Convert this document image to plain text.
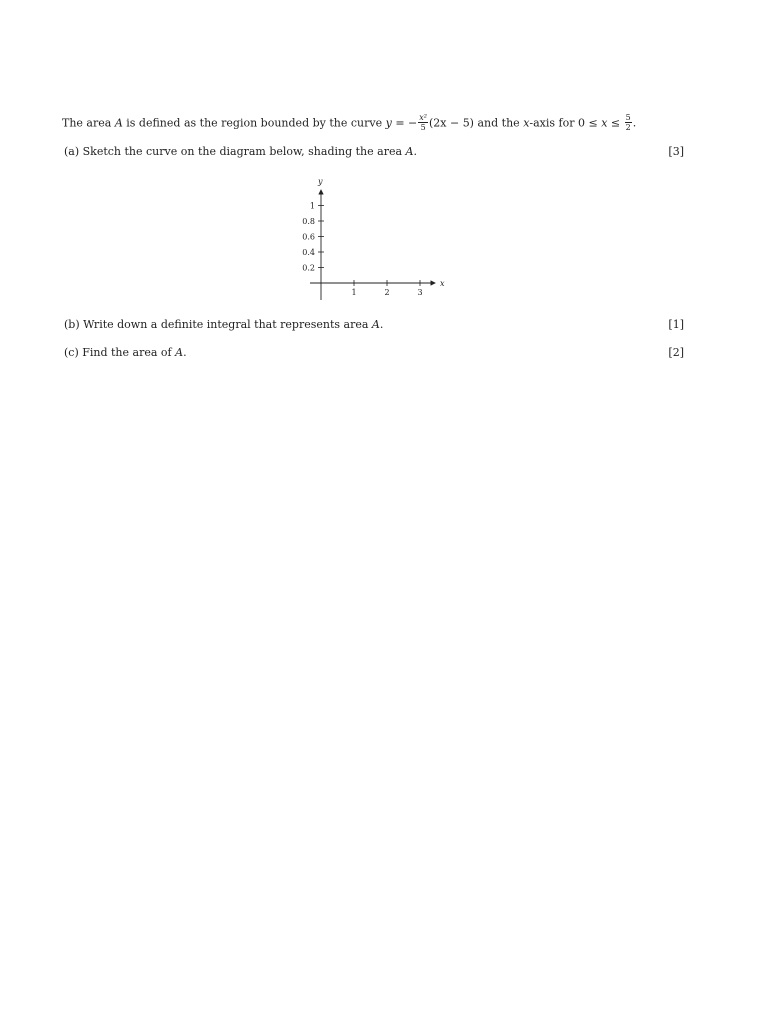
The area A is defined as the region bounded by the curve y = − $\frac{\text{x²}}{5} (2x - 5)$ and the x-axis for $0 \le x \le \frac{5}{2}$ .
(a) Sketch the curve on the diagram below, shading the area A.	[3]
y
x
1
0.8
0.6
0.4
0.2
1	2	3
(b) Write down a definite integral that represents area A.	[1]
(c) Find the area of A.	[2]
